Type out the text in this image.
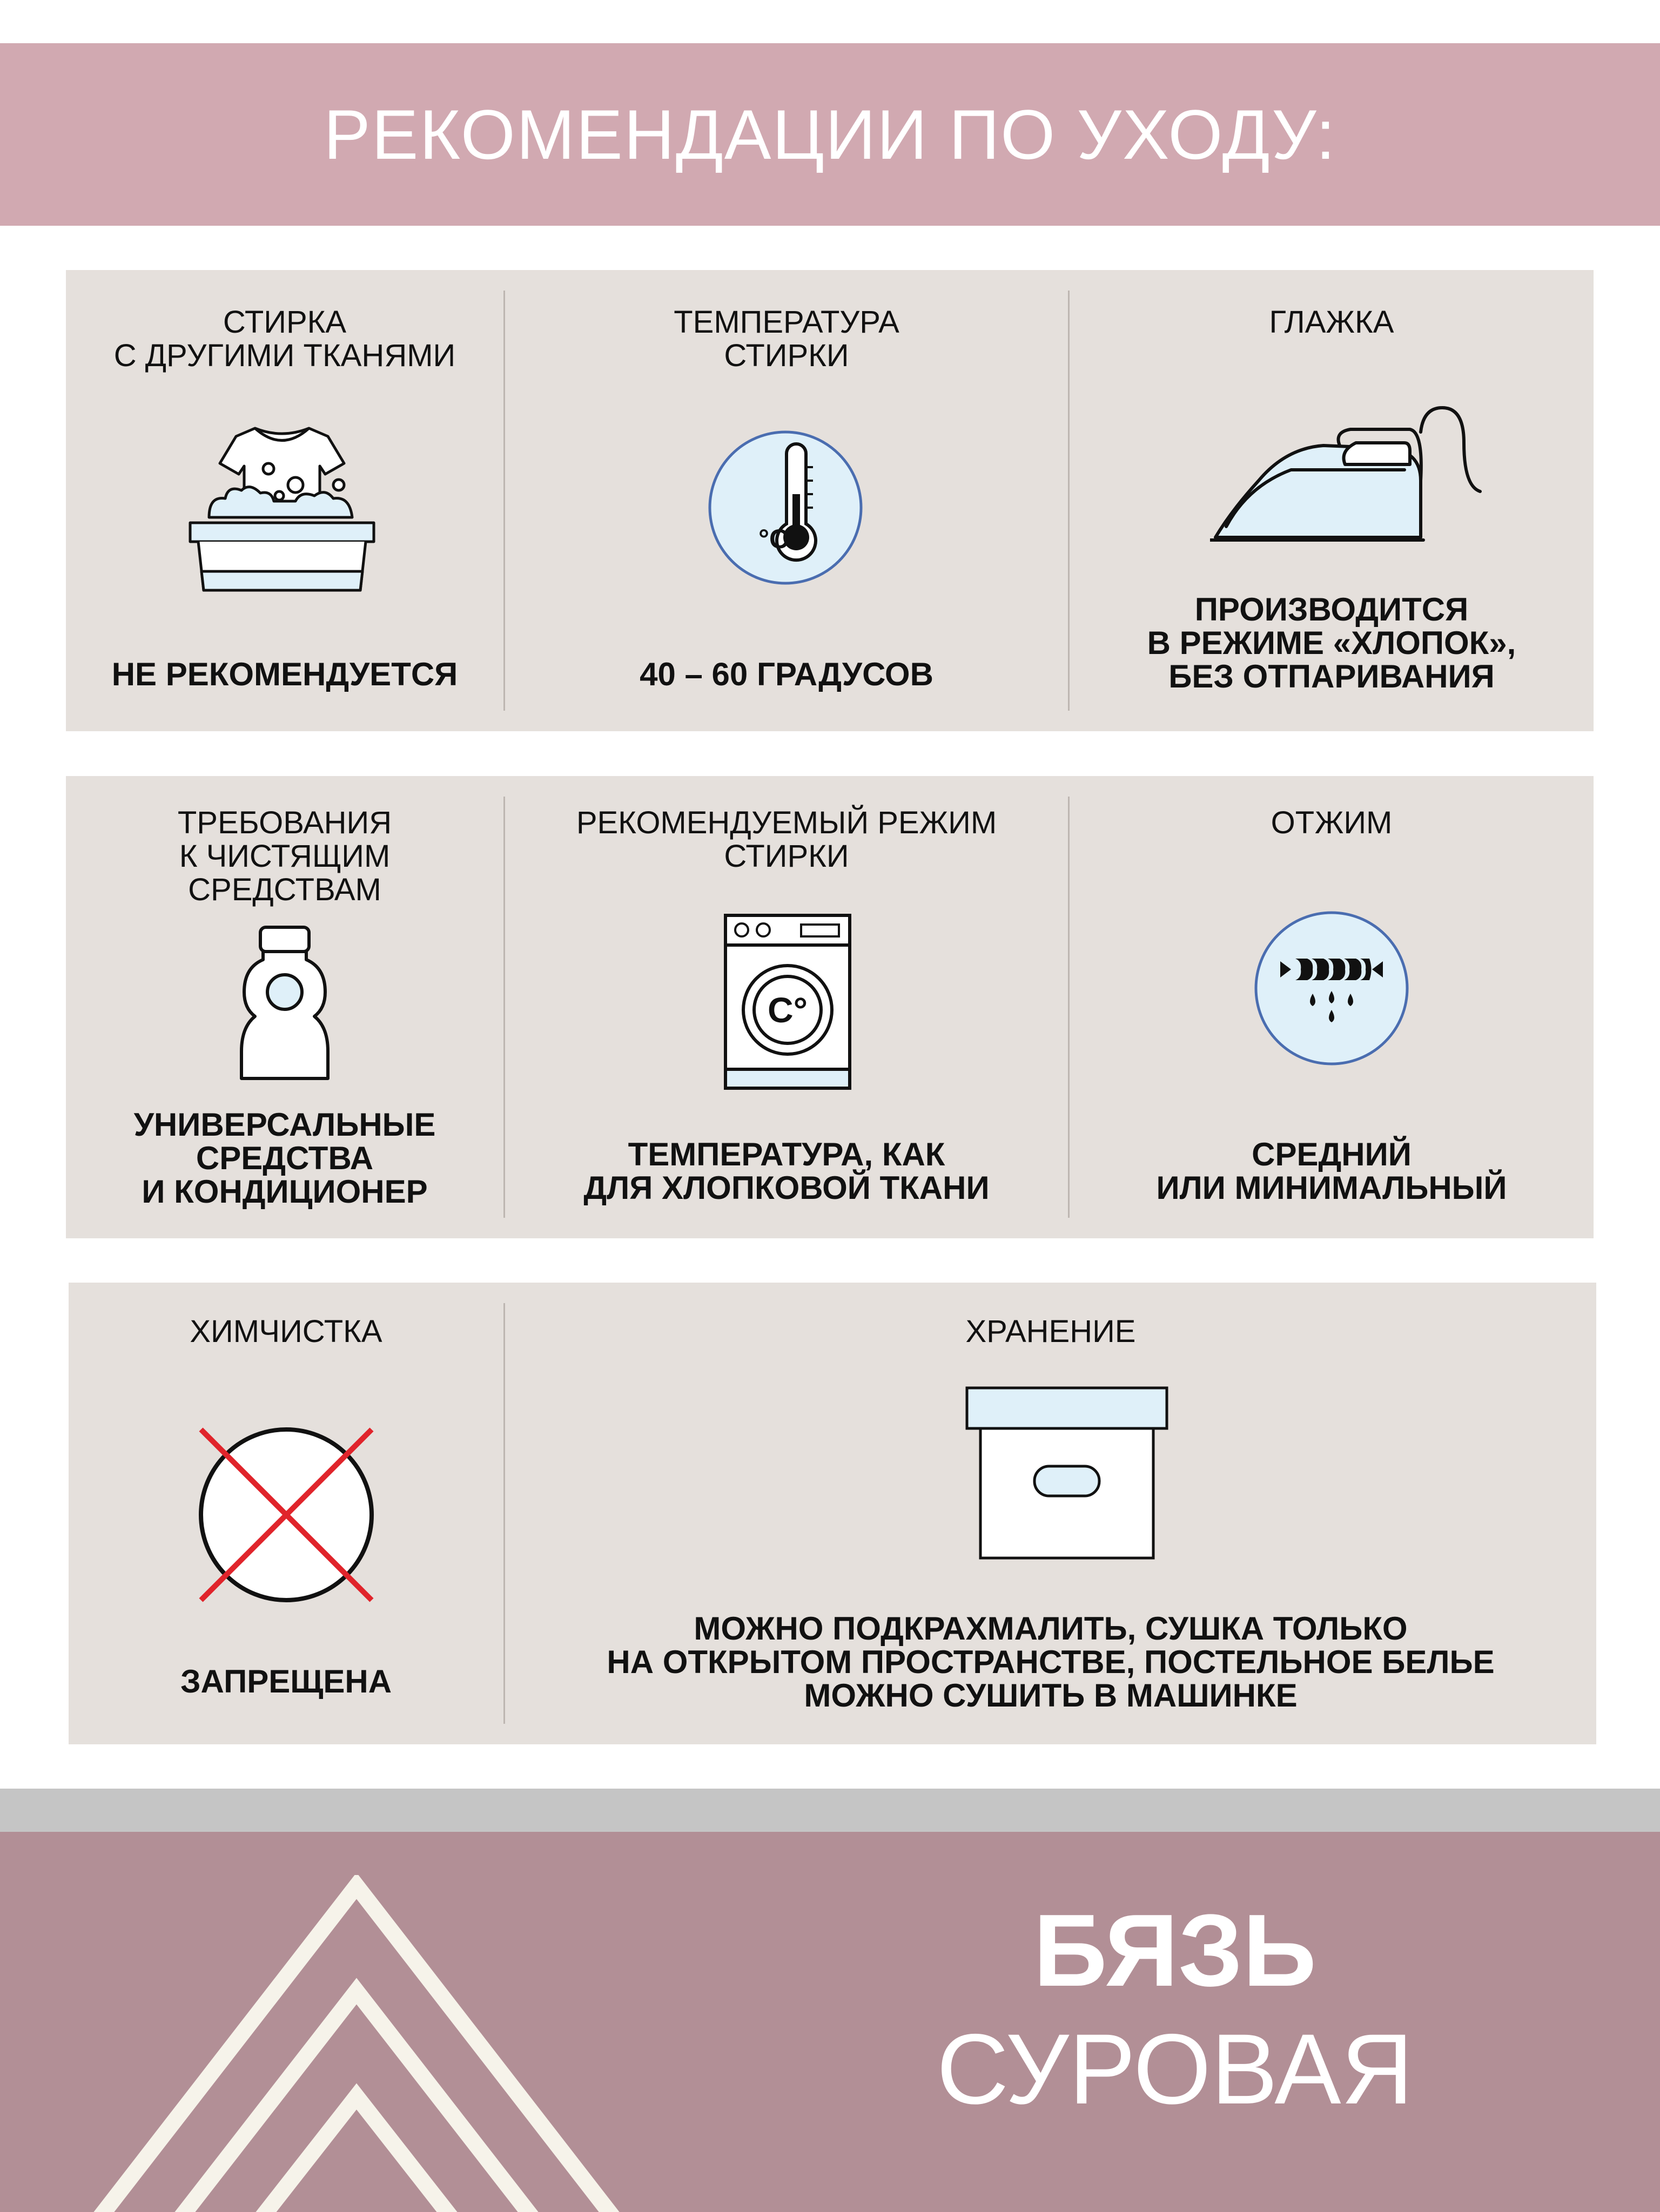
РЕКОМЕНДАЦИИ ПО УХОДУ:
СТИРКА
С ДРУГИМИ ТКАНЯМИ
НЕ РЕКОМЕНДУЕТСЯ
ТЕМПЕРАТУРА
СТИРКИ
°C
40 – 60 ГРАДУСОВ
ГЛАЖКА
ПРОИЗВОДИТСЯ
В РЕЖИМЕ «ХЛОПОК»,
БЕЗ ОТПАРИВАНИЯ
ТРЕБОВАНИЯ
К ЧИСТЯЩИМ
СРЕДСТВАМ
УНИВЕРСАЛЬНЫЕ
СРЕДСТВА
И КОНДИЦИОНЕР
РЕКОМЕНДУЕМЫЙ РЕЖИМ
СТИРКИ
C°
ТЕМПЕРАТУРА, КАК
ДЛЯ ХЛОПКОВОЙ ТКАНИ
ОТЖИМ
СРЕДНИЙ
ИЛИ МИНИМАЛЬНЫЙ
ХИМЧИСТКА
ЗАПРЕЩЕНА
ХРАНЕНИЕ
МОЖНО ПОДКРАХМАЛИТЬ, СУШКА ТОЛЬКО
НА ОТКРЫТОМ ПРОСТРАНСТВЕ, ПОСТЕЛЬНОЕ БЕЛЬЕ
МОЖНО СУШИТЬ В МАШИНКЕ
БЯЗЬ
СУРОВАЯ
